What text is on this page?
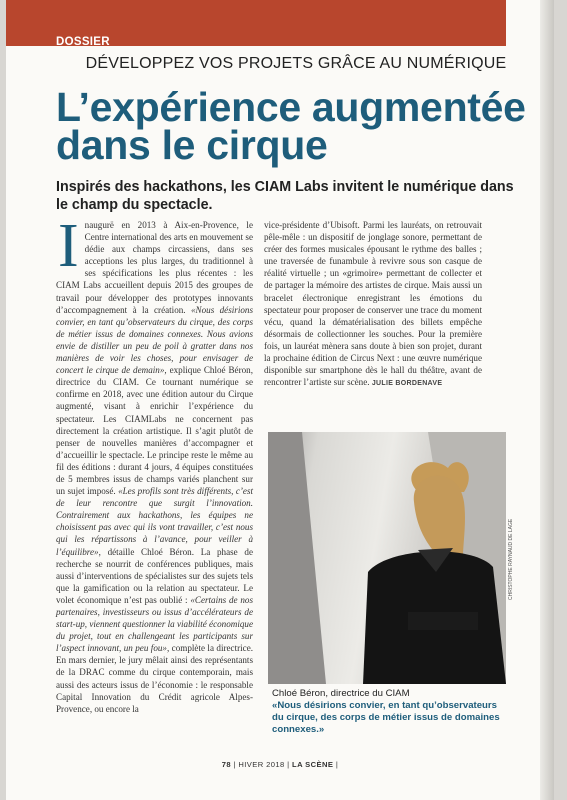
DOSSIER
DÉVELOPPEZ VOS PROJETS GRÂCE AU NUMÉRIQUE
L’expérience augmentée
dans le cirque
Inspirés des hackathons, les CIAM Labs invitent le numérique dans le champ du spectacle.

Inaugurë en 2013 à Aix-en-Provence, le Centre international des arts en mouvement se dédie aux champs circassiens, dans ses acceptions les plus larges, du traditionnel à ses spécifications les plus récentes : les CIAM Labs accueillent depuis 2015 des groupes de travail pour développer des prototypes innovants d’accompagnement à la création. «Nous désirions convier, en tant qu’observateurs du cirque, des corps de métier issus de domaines connexes. Nous avions envie de distiller un peu de poil à gratter dans nos manières de voir les choses, pour envisager de concert le cirque de demain», explique Chloé Béron, directrice du CIAM. Ce tournant numérique se confirme en 2018, avec une édition autour du Cirque augmenté, visant à enrichir l’expérience du spectateur. Les CIAMLabs ne concernent pas directement la création artistique. Il s’agit plutôt de penser de nouvelles manières d’accompagner et d’accueillir le spectacle. Le principe reste le même au fil des éditions : durant 4 jours, 4 équipes constituées de 5 membres issus de champs variés planchent sur un sujet imposé. «Les profils sont très différents, c’est de leur rencontre que surgit l’innovation. Contrairement aux hackathons, les équipes ne choisissent pas avec qui ils vont travailler, c’est nous qui les répartissons à l’avance, pour veiller à l’équilibre», détaille Chloé Béron. La phase de recherche se nourrit de conférences publiques, mais aussi d’interventions de spécialistes sur des sujets tels que la gamification ou la relation au spectateur. Le volet économique n’est pas oublié : «Certains de nos partenaires, investisseurs ou issus d’accélérateurs de start-up, viennent questionner la viabilité économique du projet, tout en challengeant les participants sur l’aspect innovant, un peu fou», complète la directrice. En mars dernier, le jury mêlait ainsi des représentants de la DRAC comme du cirque contemporain, mais aussi des acteurs issus de l’économie : le responsable Capital Innovation du Crédit agricole Alpes-Provence, ou encore la

vice-présidente d’Ubisoft. Parmi les lauréats, on retrouvait pêle-mêle : un dispositif de jonglage sonore, permettant de créer des formes musicales épousant le rythme des balles ; une traversée de funambule à revivre sous son casque de réalité virtuelle ; un «grimoire» permettant de collecter et de partager la mémoire des artistes de cirque. Mais aussi un bracelet électronique enregistrant les émotions du spectateur pour proposer de conserver une trace du moment vécu, quand la dématérialisation des billets empêche désormais de collectionner les souches. Pour la première fois, un lauréat mènera sans doute à bien son projet, durant la prochaine édition de Circus Next : une œuvre numérique disponible sur smartphone dès le hall du théâtre, avant de rencontrer l’artiste sur scène. JULIE BORDENAVE

CHRISTOPHE RAYNAUD DE LAGE
Chloé Béron, directrice du CIAM
«Nous désirions convier, en tant qu’observateurs du cirque, des corps de métier issus de domaines connexes.»
78 | HIVER 2018 | LA SCÈNE |
